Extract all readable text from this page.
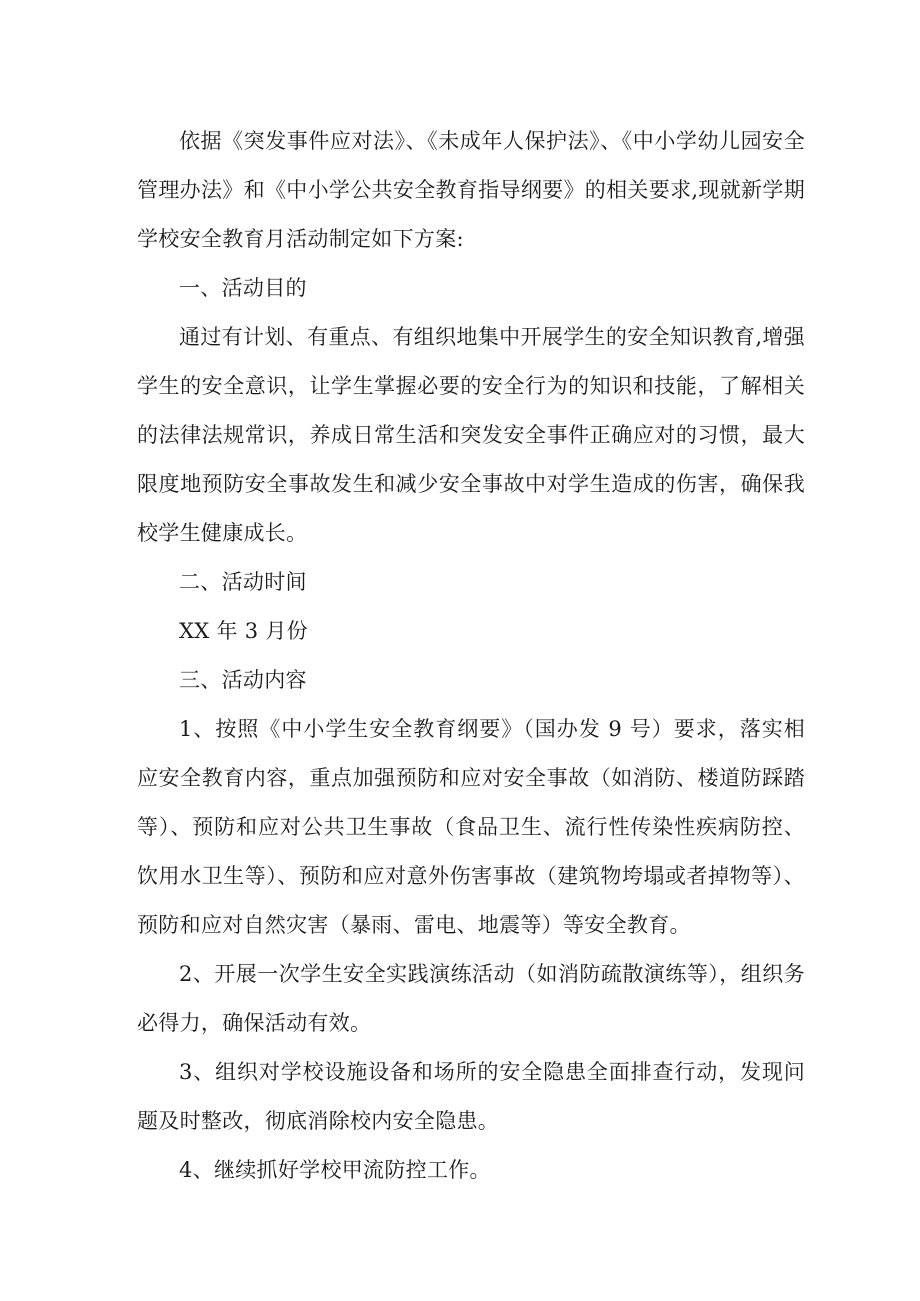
依据《突发事件应对法》、《未成年人保护法》、《中小学幼儿园安全管理办法》和《中小学公共安全教育指导纲要》的相关要求,现就新学期学校安全教育月活动制定如下方案:

一、活动目的

通过有计划、有重点、有组织地集中开展学生的安全知识教育,增强学生的安全意识，让学生掌握必要的安全行为的知识和技能，了解相关的法律法规常识，养成日常生活和突发安全事件正确应对的习惯，最大限度地预防安全事故发生和减少安全事故中对学生造成的伤害，确保我校学生健康成长。

二、活动时间

XX 年 3 月份

三、活动内容

1、按照《中小学生安全教育纲要》（国办发 9 号）要求，落实相应安全教育内容，重点加强预防和应对安全事故（如消防、楼道防踩踏等）、预防和应对公共卫生事故（食品卫生、流行性传染性疾病防控、饮用水卫生等）、预防和应对意外伤害事故（建筑物垮塌或者掉物等）、预防和应对自然灾害（暴雨、雷电、地震等）等安全教育。

2、开展一次学生安全实践演练活动（如消防疏散演练等），组织务必得力，确保活动有效。

3、组织对学校设施设备和场所的安全隐患全面排查行动，发现问题及时整改，彻底消除校内安全隐患。

4、继续抓好学校甲流防控工作。
